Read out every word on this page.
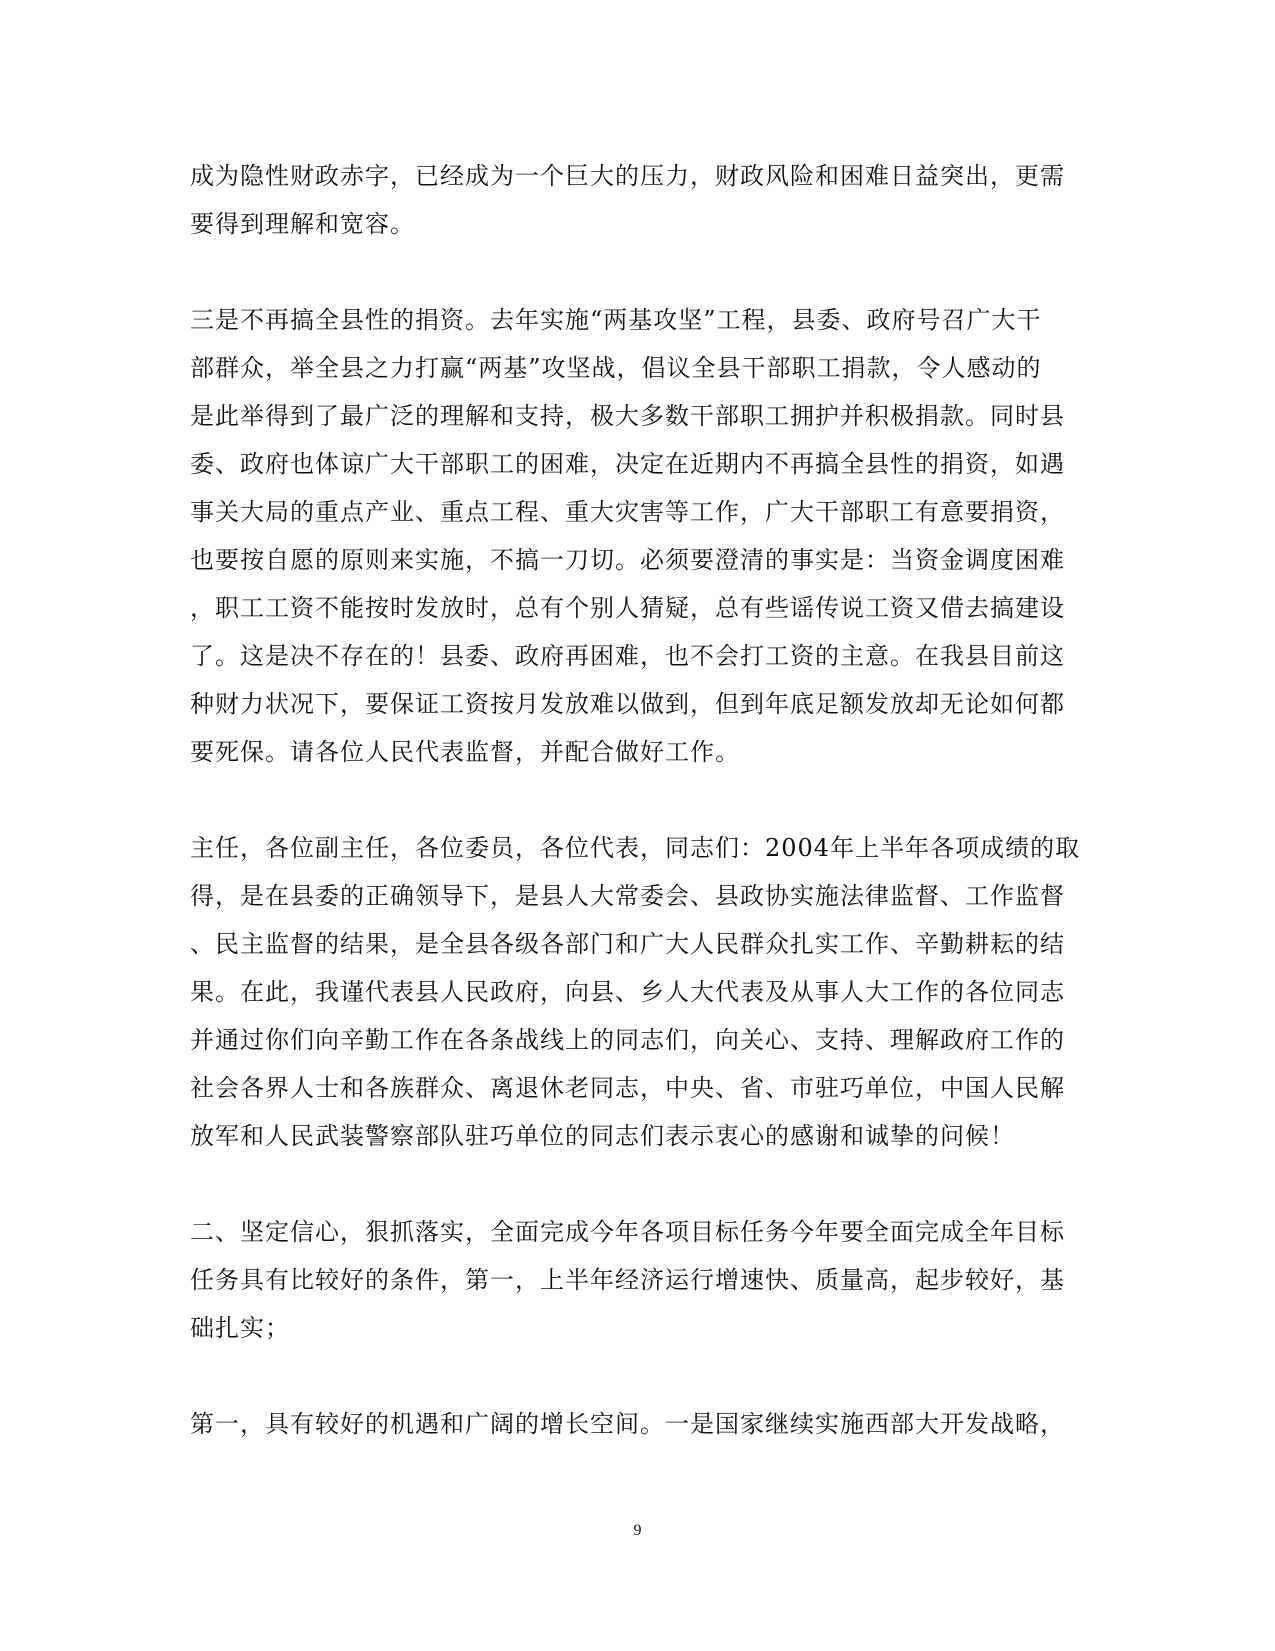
成为隐性财政赤字，已经成为一个巨大的压力，财政风险和困难日益突出，更需
要得到理解和宽容。

三是不再搞全县性的捐资。去年实施“两基攻坚”工程，县委、政府号召广大干
部群众，举全县之力打赢“两基”攻坚战，倡议全县干部职工捐款，令人感动的
是此举得到了最广泛的理解和支持，极大多数干部职工拥护并积极捐款。同时县
委、政府也体谅广大干部职工的困难，决定在近期内不再搞全县性的捐资，如遇
事关大局的重点产业、重点工程、重大灾害等工作，广大干部职工有意要捐资，
也要按自愿的原则来实施，不搞一刀切。必须要澄清的事实是：当资金调度困难
，职工工资不能按时发放时，总有个别人猜疑，总有些谣传说工资又借去搞建设
了。这是决不存在的！县委、政府再困难，也不会打工资的主意。在我县目前这
种财力状况下，要保证工资按月发放难以做到，但到年底足额发放却无论如何都
要死保。请各位人民代表监督，并配合做好工作。

主任，各位副主任，各位委员，各位代表，同志们：2004年上半年各项成绩的取
得，是在县委的正确领导下，是县人大常委会、县政协实施法律监督、工作监督
、民主监督的结果，是全县各级各部门和广大人民群众扎实工作、辛勤耕耘的结
果。在此，我谨代表县人民政府，向县、乡人大代表及从事人大工作的各位同志
并通过你们向辛勤工作在各条战线上的同志们，向关心、支持、理解政府工作的
社会各界人士和各族群众、离退休老同志，中央、省、市驻巧单位，中国人民解
放军和人民武装警察部队驻巧单位的同志们表示衷心的感谢和诚挚的问候！

二、坚定信心，狠抓落实，全面完成今年各项目标任务今年要全面完成全年目标
任务具有比较好的条件，第一，上半年经济运行增速快、质量高，起步较好，基
础扎实；

第一，具有较好的机遇和广阔的增长空间。一是国家继续实施西部大开发战略，

9
